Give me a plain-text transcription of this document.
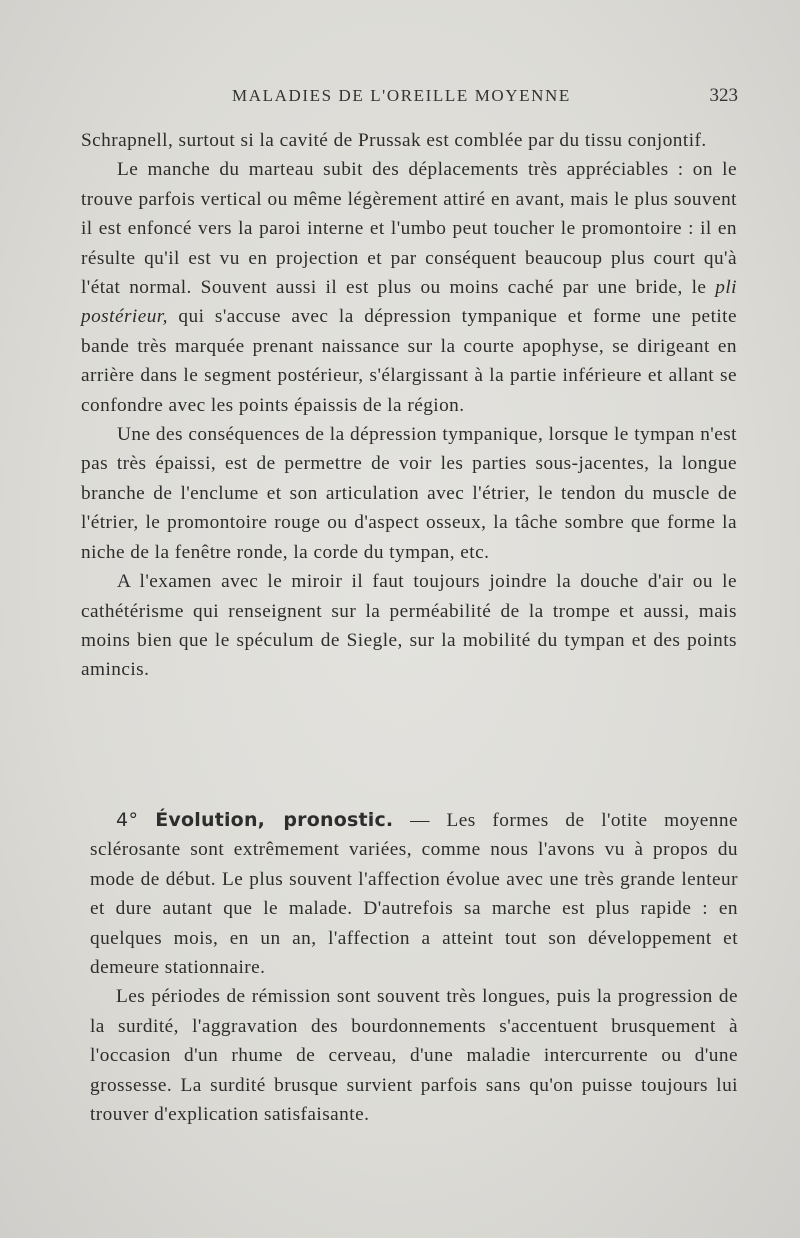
MALADIES DE L'OREILLE MOYENNE	323

Schrapnell, surtout si la cavité de Prussak est comblée par du tissu conjontif.

Le manche du marteau subit des déplacements très appréciables : on le trouve parfois vertical ou même légèrement attiré en avant, mais le plus souvent il est enfoncé vers la paroi interne et l'umbo peut toucher le promontoire : il en résulte qu'il est vu en projection et par conséquent beaucoup plus court qu'à l'état normal. Souvent aussi il est plus ou moins caché par une bride, le pli postérieur, qui s'accuse avec la dépression tympanique et forme une petite bande très marquée prenant naissance sur la courte apophyse, se dirigeant en arrière dans le segment postérieur, s'élargissant à la partie inférieure et allant se confondre avec les points épaissis de la région.

Une des conséquences de la dépression tympanique, lorsque le tympan n'est pas très épaissi, est de permettre de voir les parties sous-jacentes, la longue branche de l'enclume et son articulation avec l'étrier, le tendon du muscle de l'étrier, le promontoire rouge ou d'aspect osseux, la tâche sombre que forme la niche de la fenêtre ronde, la corde du tympan, etc.

A l'examen avec le miroir il faut toujours joindre la douche d'air ou le cathétérisme qui renseignent sur la perméabilité de la trompe et aussi, mais moins bien que le spéculum de Siegle, sur la mobilité du tympan et des points amincis.

4° Évolution, pronostic. — Les formes de l'otite moyenne sclérosante sont extrêmement variées, comme nous l'avons vu à propos du mode de début. Le plus souvent l'affection évolue avec une très grande lenteur et dure autant que le malade. D'autrefois sa marche est plus rapide : en quelques mois, en un an, l'affection a atteint tout son développement et demeure stationnaire.

Les périodes de rémission sont souvent très longues, puis la progression de la surdité, l'aggravation des bourdonnements s'accentuent brusquement à l'occasion d'un rhume de cerveau, d'une maladie intercurrente ou d'une grossesse. La surdité brusque survient parfois sans qu'on puisse toujours lui trouver d'explication satisfaisante.
